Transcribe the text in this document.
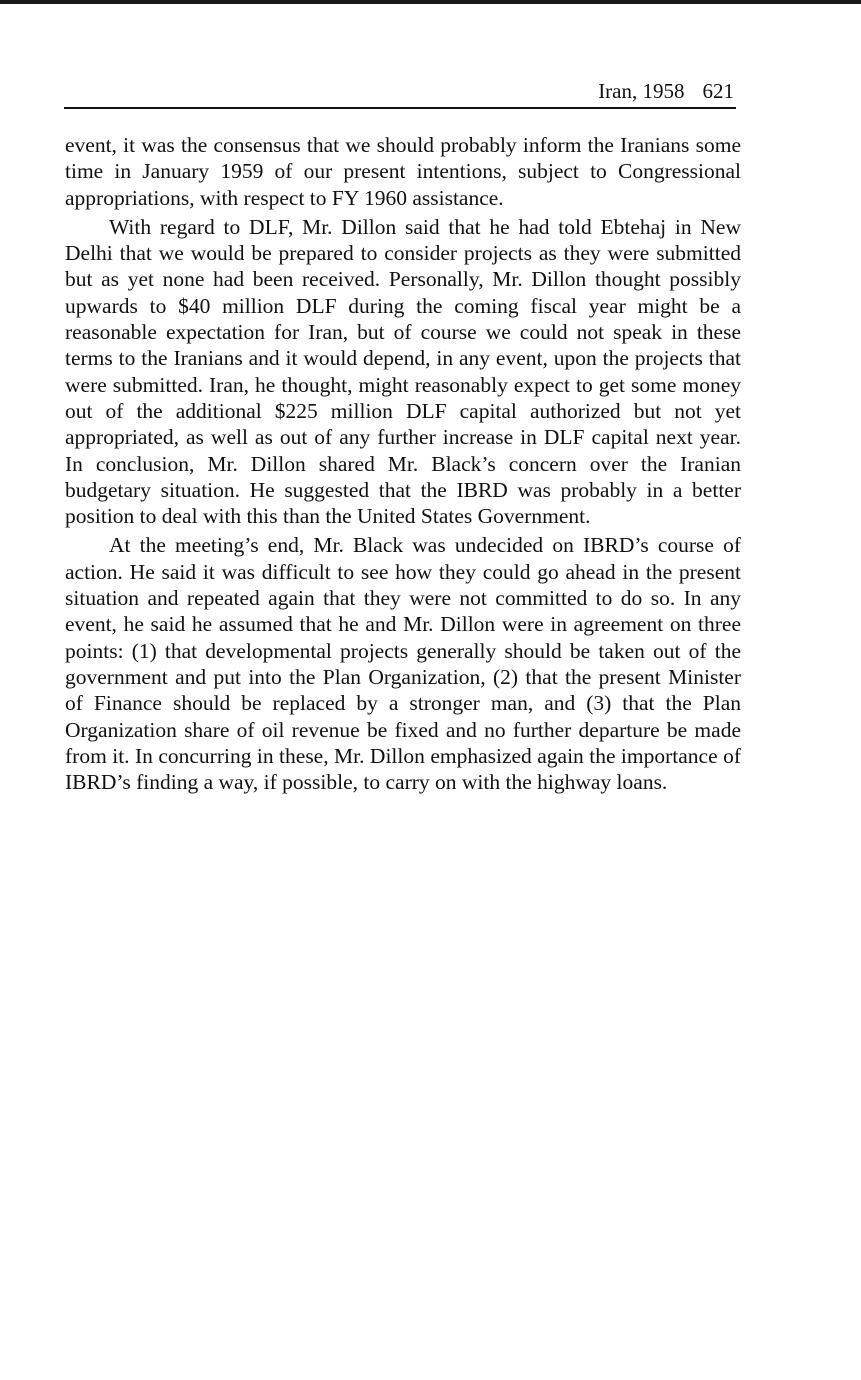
Iran, 1958 621

event, it was the consensus that we should probably inform the Iranians some time in January 1959 of our present intentions, subject to Congressional appropriations, with respect to FY 1960 assistance.

With regard to DLF, Mr. Dillon said that he had told Ebtehaj in New Delhi that we would be prepared to consider projects as they were submitted but as yet none had been received. Personally, Mr. Dillon thought possibly upwards to $40 million DLF during the coming fiscal year might be a reasonable expectation for Iran, but of course we could not speak in these terms to the Iranians and it would depend, in any event, upon the projects that were submitted. Iran, he thought, might reasonably expect to get some money out of the additional $225 million DLF capital authorized but not yet appropriated, as well as out of any further increase in DLF capital next year. In conclusion, Mr. Dillon shared Mr. Black’s concern over the Iranian budgetary situation. He suggested that the IBRD was probably in a better position to deal with this than the United States Government.

At the meeting’s end, Mr. Black was undecided on IBRD’s course of action. He said it was difficult to see how they could go ahead in the present situation and repeated again that they were not committed to do so. In any event, he said he assumed that he and Mr. Dillon were in agreement on three points: (1) that developmental projects generally should be taken out of the government and put into the Plan Organization, (2) that the present Minister of Finance should be replaced by a stronger man, and (3) that the Plan Organization share of oil revenue be fixed and no further departure be made from it. In concurring in these, Mr. Dillon emphasized again the importance of IBRD’s finding a way, if possible, to carry on with the highway loans.
